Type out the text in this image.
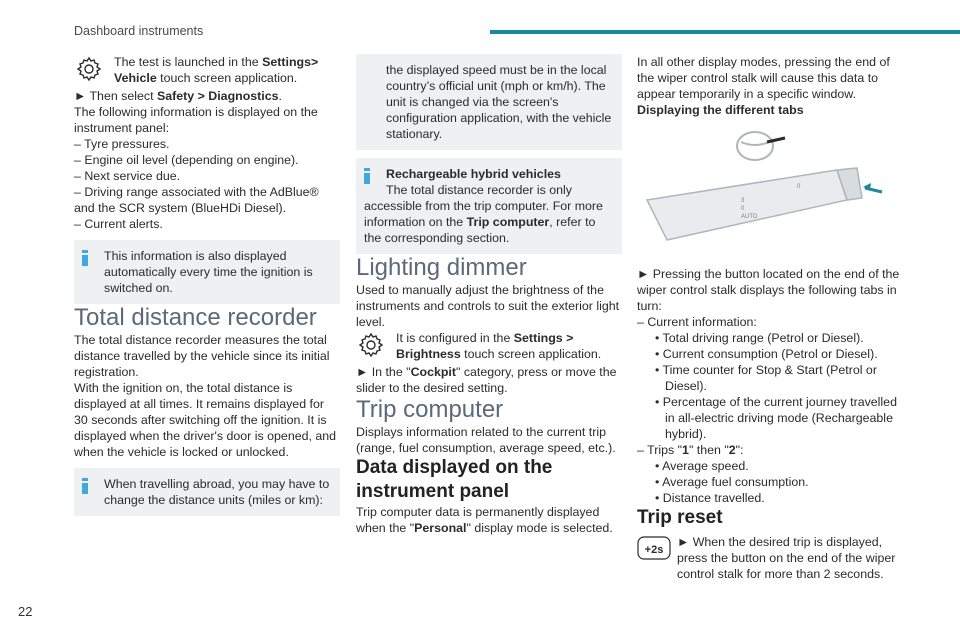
Dashboard instruments

The test is launched in the Settings> Vehicle touch screen application.

► Then select Safety > Diagnostics.

The following information is displayed on the instrument panel:

– Tyre pressures.

– Engine oil level (depending on engine).

– Next service due.

– Driving range associated with the AdBlue® and the SCR system (BlueHDi Diesel).

– Current alerts.

This information is also displayed automatically every time the ignition is switched on.

Total distance recorder

The total distance recorder measures the total distance travelled by the vehicle since its initial registration.

With the ignition on, the total distance is displayed at all times. It remains displayed for 30 seconds after switching off the ignition. It is displayed when the driver's door is opened, and when the vehicle is locked or unlocked.

When travelling abroad, you may have to change the distance units (miles or km):

the displayed speed must be in the local country’s official unit (mph or km/h). The unit is changed via the screen's configuration application, with the vehicle stationary.

Rechargeable hybrid vehicles

The total distance recorder is only accessible from the trip computer. For more information on the Trip computer, refer to the corresponding section.

Lighting dimmer

Used to manually adjust the brightness of the instruments and controls to suit the exterior light level.

It is configured in the Settings > Brightness touch screen application.

► In the "Cockpit" category, press or move the slider to the desired setting.

Trip computer

Displays information related to the current trip (range, fuel consumption, average speed, etc.).

Data displayed on the instrument panel

Trip computer data is permanently displayed when the "Personal" display mode is selected.

In all other display modes, pressing the end of the wiper control stalk will cause this data to appear temporarily in a specific window.

Displaying the different tabs

3
0
AUTO
0

► Pressing the button located on the end of the wiper control stalk displays the following tabs in turn:

– Current information:

• Total driving range (Petrol or Diesel).

• Current consumption (Petrol or Diesel).

• Time counter for Stop & Start (Petrol or Diesel).

• Percentage of the current journey travelled in all-electric driving mode (Rechargeable hybrid).

– Trips "1" then "2":

• Average speed.

• Average fuel consumption.

• Distance travelled.

Trip reset
+2s

► When the desired trip is displayed, press the button on the end of the wiper control stalk for more than 2 seconds.

22
